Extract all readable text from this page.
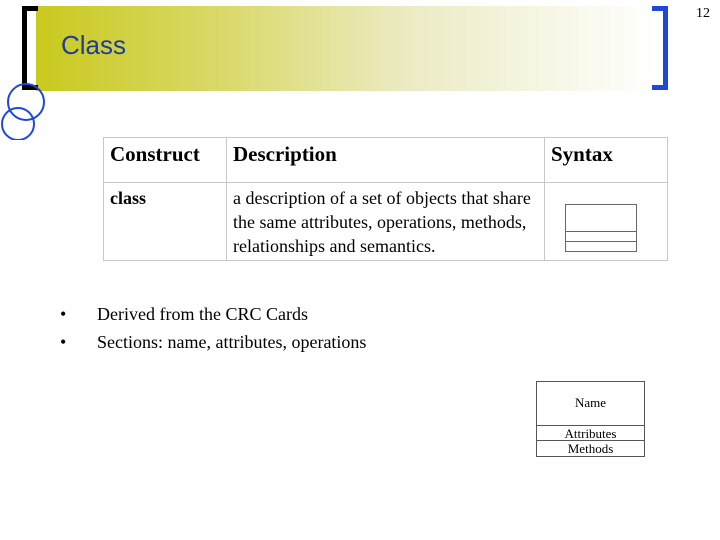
Class
12
Construct	Description	Syntax
class	a description of a set of objects that share the same attributes, operations, methods, relationships and semantics.	
• Derived from the CRC Cards
• Sections: name, attributes, operations
Name
Attributes
Methods
